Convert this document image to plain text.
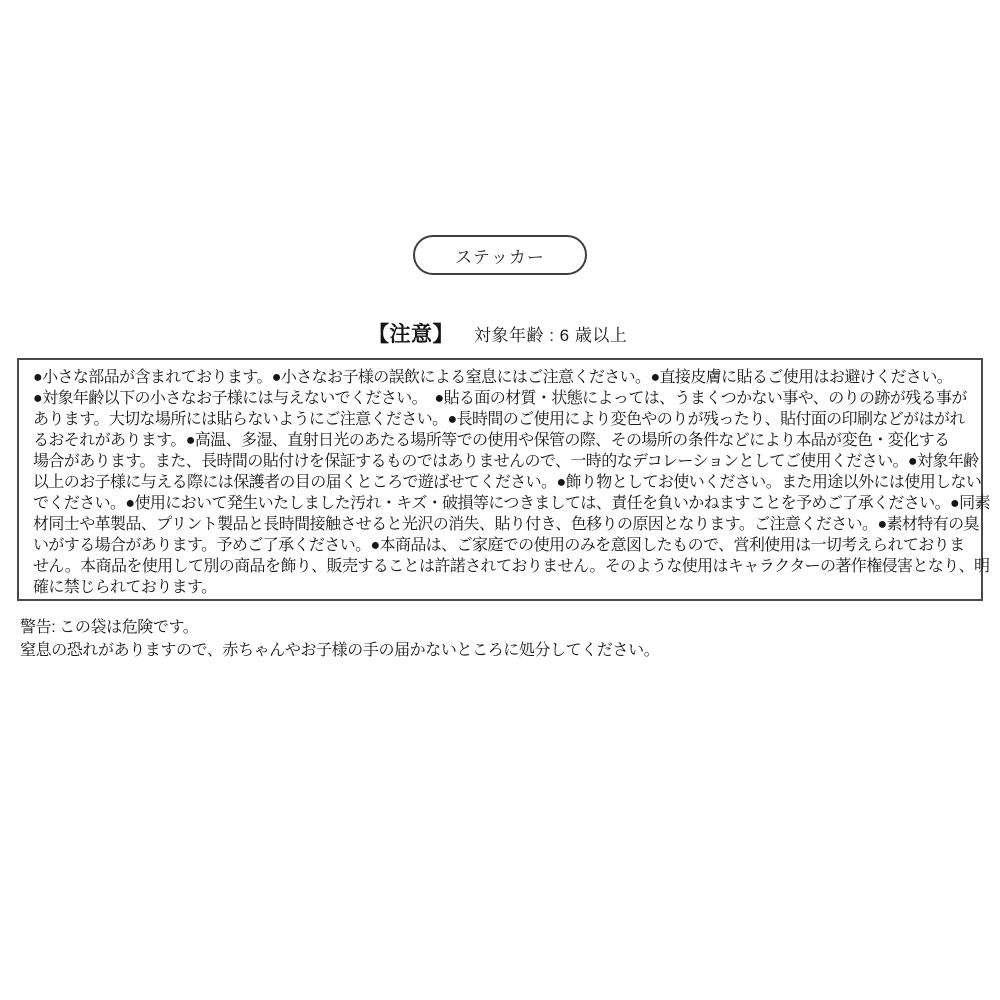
ステッカー
【注意】 対象年齢 : 6 歳以上
●小さな部品が含まれております。●小さなお子様の誤飲による窒息にはご注意ください。●直接皮膚に貼るご使用はお避けください。
●対象年齢以下の小さなお子様には与えないでください。　●貼る面の材質・状態によっては、うまくつかない事や、のりの跡が残る事が
あります。大切な場所には貼らないようにご注意ください。●長時間のご使用により変色やのりが残ったり、貼付面の印刷などがはがれ
るおそれがあります。●高温、多湿、直射日光のあたる場所等での使用や保管の際、その場所の条件などにより本品が変色・変化する
場合があります。また、長時間の貼付けを保証するものではありませんので、一時的なデコレーションとしてご使用ください。●対象年齢
以上のお子様に与える際には保護者の目の届くところで遊ばせてください。●飾り物としてお使いください。また用途以外には使用しない
でください。●使用において発生いたしました汚れ・キズ・破損等につきましては、責任を負いかねますことを予めご了承ください。●同素
材同士や革製品、プリント製品と長時間接触させると光沢の消失、貼り付き、色移りの原因となります。ご注意ください。●素材特有の臭
いがする場合があります。予めご了承ください。●本商品は、ご家庭での使用のみを意図したもので、営利使用は一切考えられておりま
せん。本商品を使用して別の商品を飾り、販売することは許諾されておりません。そのような使用はキャラクターの著作権侵害となり、明
確に禁じられております。
警告: この袋は危険です。
窒息の恐れがありますので、赤ちゃんやお子様の手の届かないところに処分してください。
